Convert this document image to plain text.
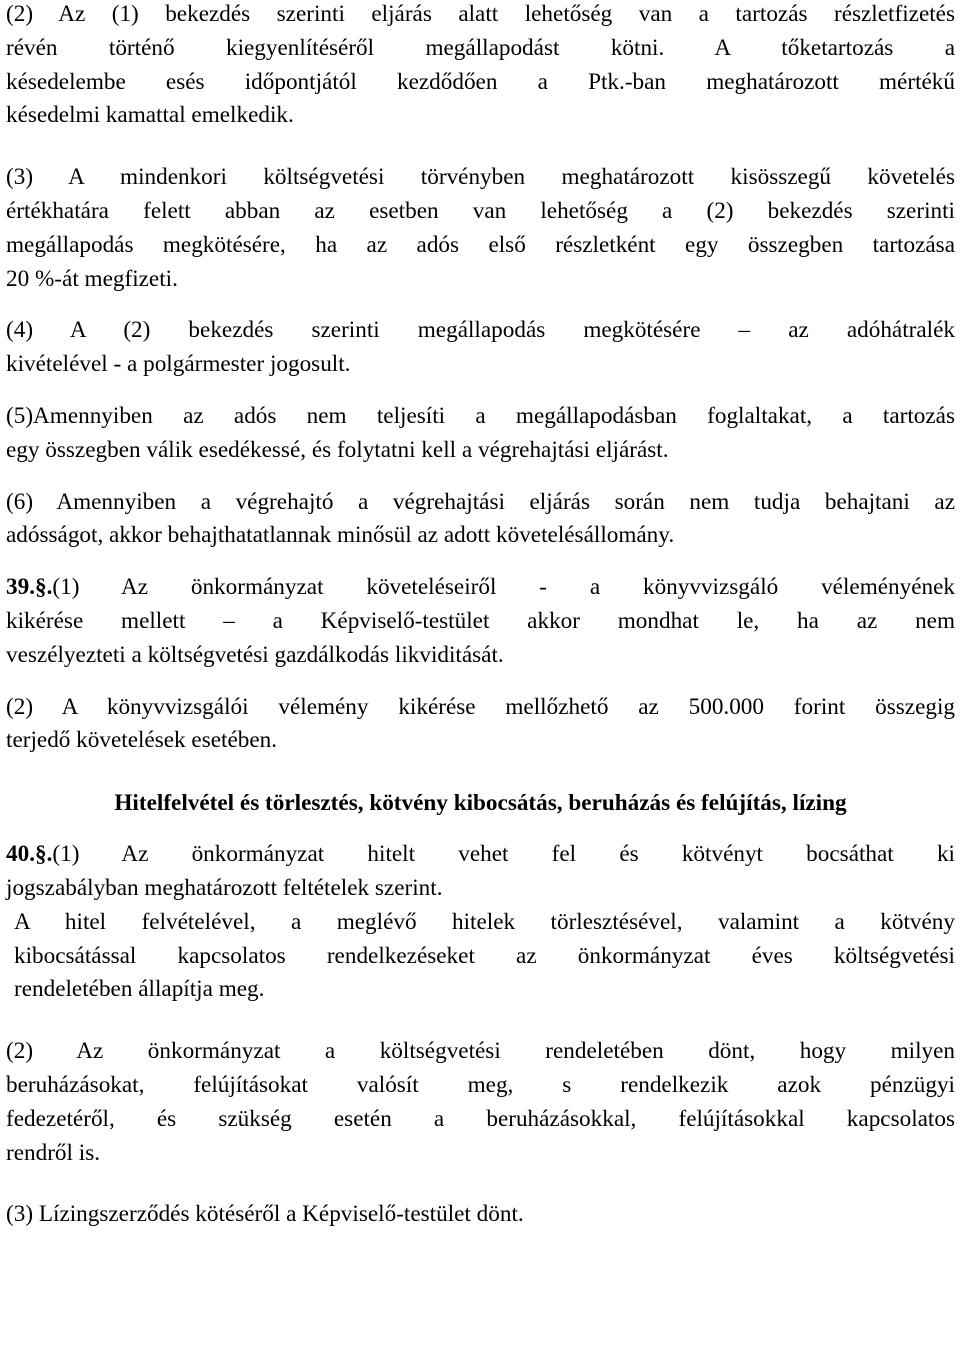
(2) Az (1) bekezdés szerinti eljárás alatt lehetőség van a tartozás részletfizetés
révén történő kiegyenlítéséről megállapodást kötni. A tőketartozás a
késedelembe esés időpontjától kezdődően a Ptk.-ban meghatározott mértékű
késedelmi kamattal emelkedik.
(3) A mindenkori költségvetési törvényben meghatározott kisösszegű követelés
értékhatára felett abban az esetben van lehetőség a (2) bekezdés szerinti
megállapodás megkötésére, ha az adós első részletként egy összegben tartozása
20 %-át megfizeti.
(4) A (2) bekezdés szerinti megállapodás megkötésére – az adóhátralék
kivételével - a polgármester jogosult.
(5)Amennyiben az adós nem teljesíti a megállapodásban foglaltakat, a tartozás
egy összegben válik esedékessé, és folytatni kell a végrehajtási eljárást.
(6) Amennyiben a végrehajtó a végrehajtási eljárás során nem tudja behajtani az
adósságot, akkor behajthatatlannak minősül az adott követelésállomány.
39.§.(1) Az önkormányzat követeléseiről - a könyvvizsgáló véleményének
kikérése mellett – a Képviselő-testület akkor mondhat le, ha az nem
veszélyezteti a költségvetési gazdálkodás likviditását.
(2) A könyvvizsgálói vélemény kikérése mellőzhető az 500.000 forint összegig
terjedő követelések esetében.
Hitelfelvétel és törlesztés, kötvény kibocsátás, beruházás és felújítás, lízing
40.§.(1) Az önkormányzat hitelt vehet fel és kötvényt bocsáthat ki
jogszabályban meghatározott feltételek szerint.
A hitel felvételével, a meglévő hitelek törlesztésével, valamint a kötvény
kibocsátással kapcsolatos rendelkezéseket az önkormányzat éves költségvetési
rendeletében állapítja meg.
(2) Az önkormányzat a költségvetési rendeletében dönt, hogy milyen
beruházásokat, felújításokat valósít meg, s rendelkezik azok pénzügyi
fedezetéről, és szükség esetén a beruházásokkal, felújításokkal kapcsolatos
rendről is.
(3) Lízingszerződés kötéséről a Képviselő-testület dönt.
